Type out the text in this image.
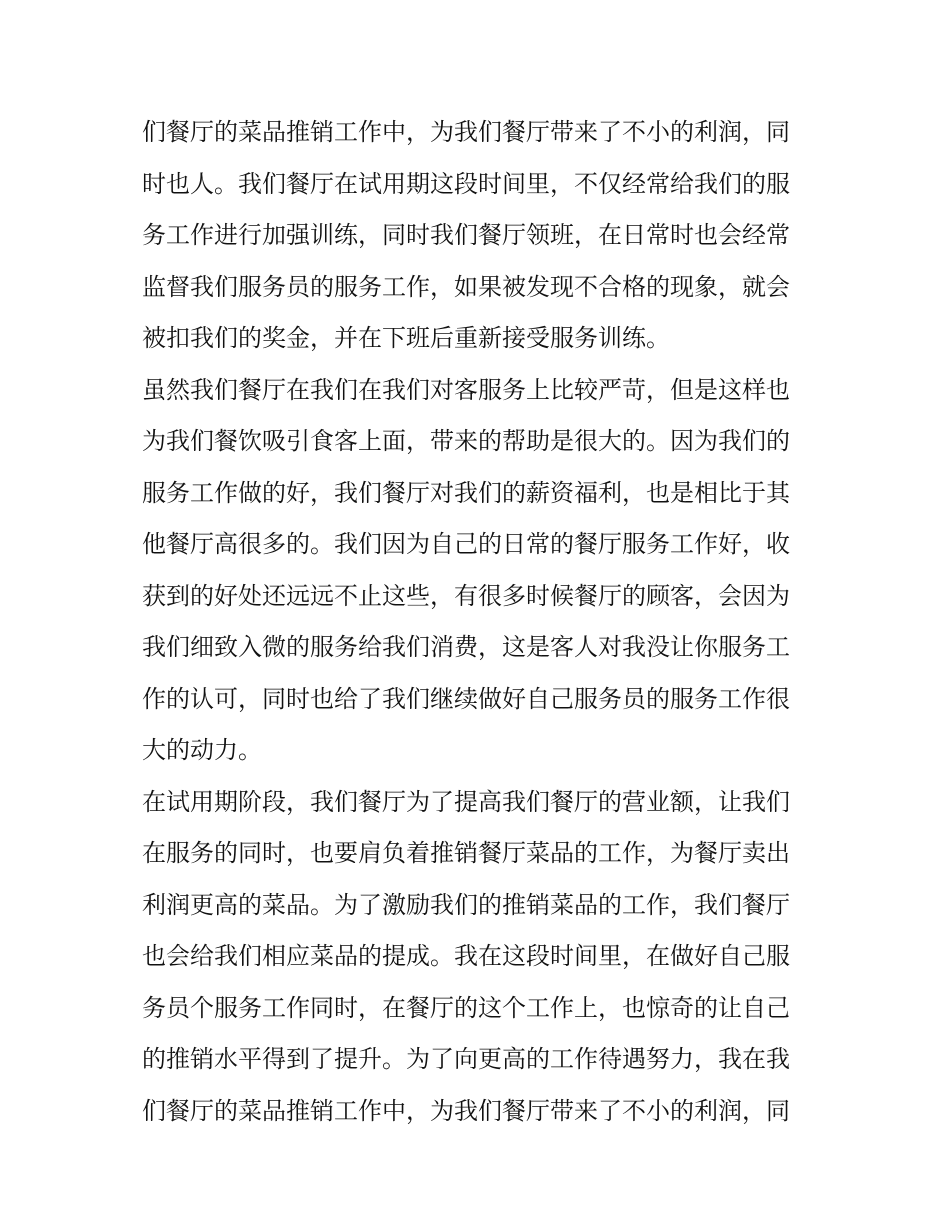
们餐厅的菜品推销工作中，为我们餐厅带来了不小的利润，同
时也人。我们餐厅在试用期这段时间里，不仅经常给我们的服
务工作进行加强训练，同时我们餐厅领班，在日常时也会经常
监督我们服务员的服务工作，如果被发现不合格的现象，就会
被扣我们的奖金，并在下班后重新接受服务训练。
虽然我们餐厅在我们在我们对客服务上比较严苛，但是这样也
为我们餐饮吸引食客上面，带来的帮助是很大的。因为我们的
服务工作做的好，我们餐厅对我们的薪资福利，也是相比于其
他餐厅高很多的。我们因为自己的日常的餐厅服务工作好，收
获到的好处还远远不止这些，有很多时候餐厅的顾客，会因为
我们细致入微的服务给我们消费，这是客人对我没让你服务工
作的认可，同时也给了我们继续做好自己服务员的服务工作很
大的动力。
在试用期阶段，我们餐厅为了提高我们餐厅的营业额，让我们
在服务的同时，也要肩负着推销餐厅菜品的工作，为餐厅卖出
利润更高的菜品。为了激励我们的推销菜品的工作，我们餐厅
也会给我们相应菜品的提成。我在这段时间里，在做好自己服
务员个服务工作同时，在餐厅的这个工作上，也惊奇的让自己
的推销水平得到了提升。为了向更高的工作待遇努力，我在我
们餐厅的菜品推销工作中，为我们餐厅带来了不小的利润，同
